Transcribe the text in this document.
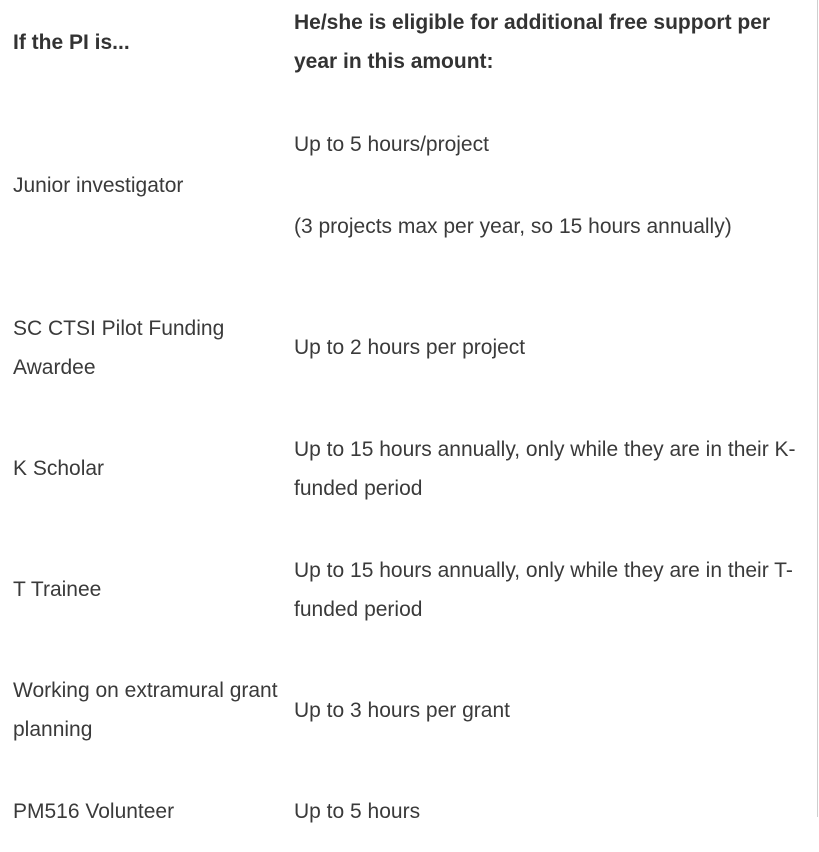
If the PI is...	He/she is eligible for additional free support per year in this amount:
Junior investigator	Up to 5 hours/project
(3 projects max per year, so 15 hours annually)

SC CTSI Pilot Funding Awardee	Up to 2 hours per project
K Scholar	Up to 15 hours annually, only while they are in their K-funded period
T Trainee	Up to 15 hours annually, only while they are in their T-funded period
Working on extramural grant planning	Up to 3 hours per grant
PM516 Volunteer	Up to 5 hours
